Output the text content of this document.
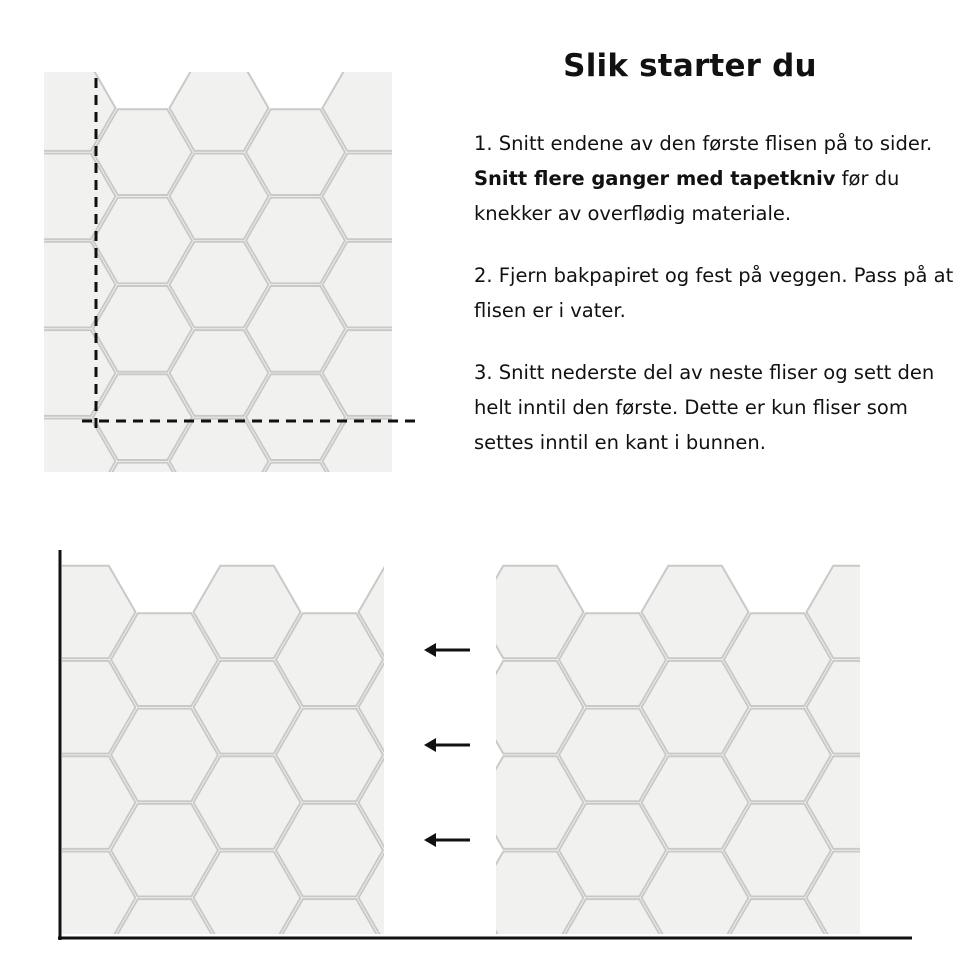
Slik starter du

1. Snitt endene av den første flisen på to sider. Snitt flere ganger med tapetkniv før du knekker av overflødig materiale.

2. Fjern bakpapiret og fest på veggen. Pass på at flisen er i vater.

3. Snitt nederste del av neste fliser og sett den helt inntil den første. Dette er kun fliser som settes inntil en kant i bunnen.
